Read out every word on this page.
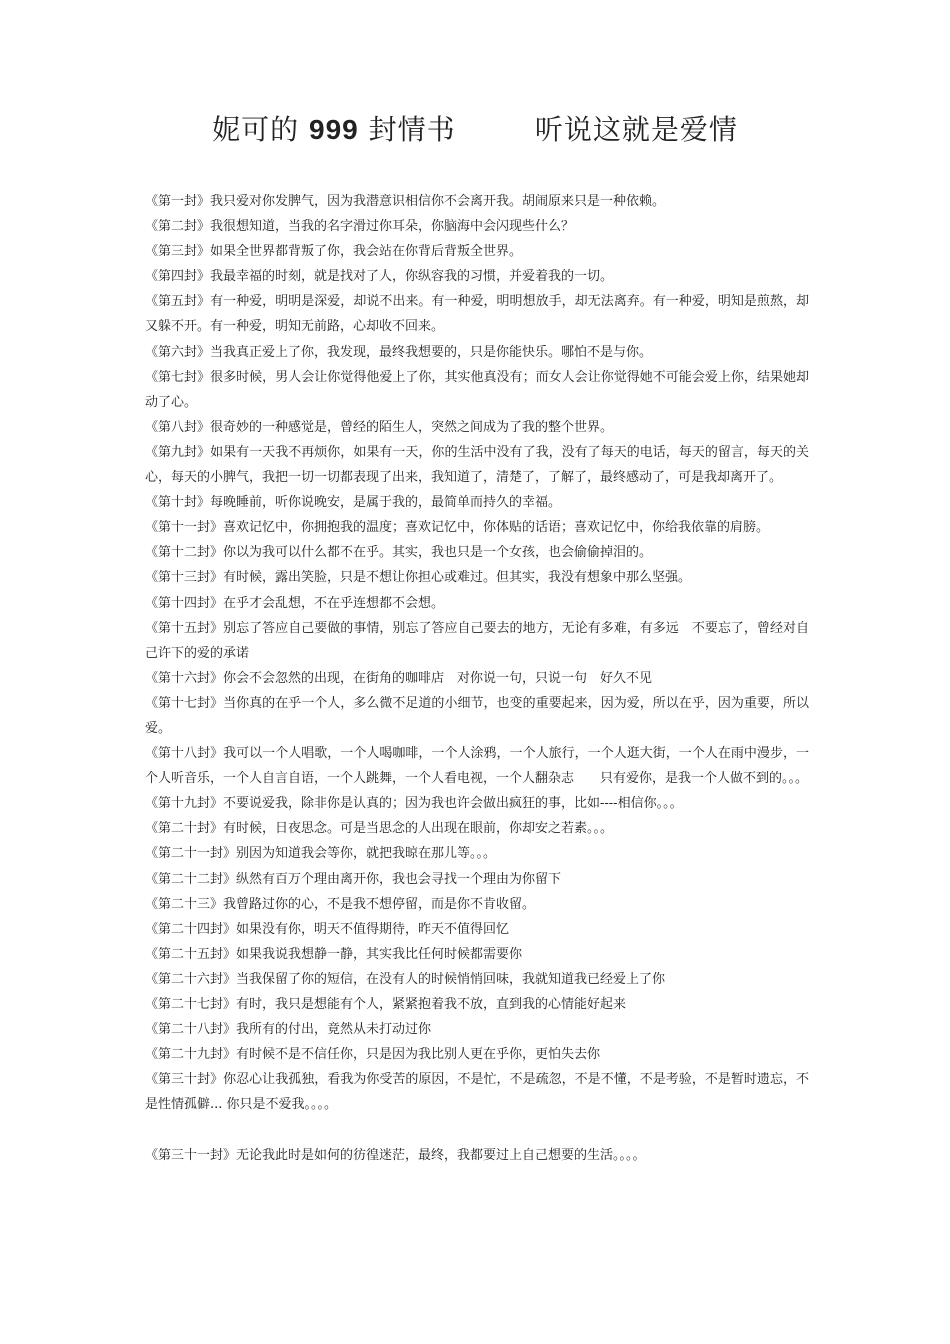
妮可的 999 封情书	听说这就是爱情

《第一封》我只爱对你发脾气，因为我潜意识相信你不会离开我。胡闹原来只是一种依赖。

《第二封》我很想知道，当我的名字滑过你耳朵，你脑海中会闪现些什么？

《第三封》如果全世界都背叛了你，我会站在你背后背叛全世界。

《第四封》我最幸福的时刻，就是找对了人，你纵容我的习惯，并爱着我的一切。

《第五封》有一种爱，明明是深爱，却说不出来。有一种爱，明明想放手，却无法离弃。有一种爱，明知是煎熬，却又躲不开。有一种爱，明知无前路，心却收不回来。

《第六封》当我真正爱上了你，我发现，最终我想要的，只是你能快乐。哪怕不是与你。

《第七封》很多时候，男人会让你觉得他爱上了你，其实他真没有；而女人会让你觉得她不可能会爱上你，结果她却动了心。

《第八封》很奇妙的一种感觉是，曾经的陌生人，突然之间成为了我的整个世界。

《第九封》如果有一天我不再烦你，如果有一天，你的生活中没有了我，没有了每天的电话，每天的留言，每天的关心，每天的小脾气，我把一切一切都表现了出来，我知道了，清楚了，了解了，最终感动了，可是我却离开了。

《第十封》每晚睡前，听你说晚安，是属于我的，最简单而持久的幸福。

《第十一封》喜欢记忆中，你拥抱我的温度；喜欢记忆中，你体贴的话语；喜欢记忆中，你给我依靠的肩膀。

《第十二封》你以为我可以什么都不在乎。其实，我也只是一个女孩，也会偷偷掉泪的。

《第十三封》有时候，露出笑脸，只是不想让你担心或难过。但其实，我没有想象中那么坚强。

《第十四封》在乎才会乱想，不在乎连想都不会想。

《第十五封》别忘了答应自己要做的事情，别忘了答应自己要去的地方，无论有多难，有多远　不要忘了，曾经对自己许下的爱的承诺

《第十六封》你会不会忽然的出现，在街角的咖啡店　对你说一句，只说一句　好久不见

《第十七封》当你真的在乎一个人，多么微不足道的小细节，也变的重要起来，因为爱，所以在乎，因为重要，所以爱。

《第十八封》我可以一个人唱歌，一个人喝咖啡，一个人涂鸦，一个人旅行，一个人逛大街，一个人在雨中漫步，一个人听音乐，一个人自言自语，一个人跳舞，一个人看电视，一个人翻杂志　　只有爱你，是我一个人做不到的。。。

《第十九封》不要说爱我，除非你是认真的；因为我也许会做出疯狂的事，比如----相信你。。。

《第二十封》有时候，日夜思念。可是当思念的人出现在眼前，你却安之若素。。。

《第二十一封》别因为知道我会等你，就把我晾在那儿等。。。

《第二十二封》纵然有百万个理由离开你，我也会寻找一个理由为你留下

《第二十三》我曾路过你的心，不是我不想停留，而是你不肯收留。

《第二十四封》如果没有你，明天不值得期待，昨天不值得回忆

《第二十五封》如果我说我想静一静，其实我比任何时候都需要你

《第二十六封》当我保留了你的短信，在没有人的时候悄悄回味，我就知道我已经爱上了你

《第二十七封》有时，我只是想能有个人，紧紧抱着我不放，直到我的心情能好起来

《第二十八封》我所有的付出，竟然从未打动过你

《第二十九封》有时候不是不信任你，只是因为我比别人更在乎你，更怕失去你

《第三十封》你忍心让我孤独，看我为你受苦的原因，不是忙，不是疏忽，不是不懂，不是考验，不是暂时遗忘，不是性情孤僻... 你只是不爱我。。。。

《第三十一封》无论我此时是如何的彷徨迷茫，最终，我都要过上自己想要的生活。。。。
